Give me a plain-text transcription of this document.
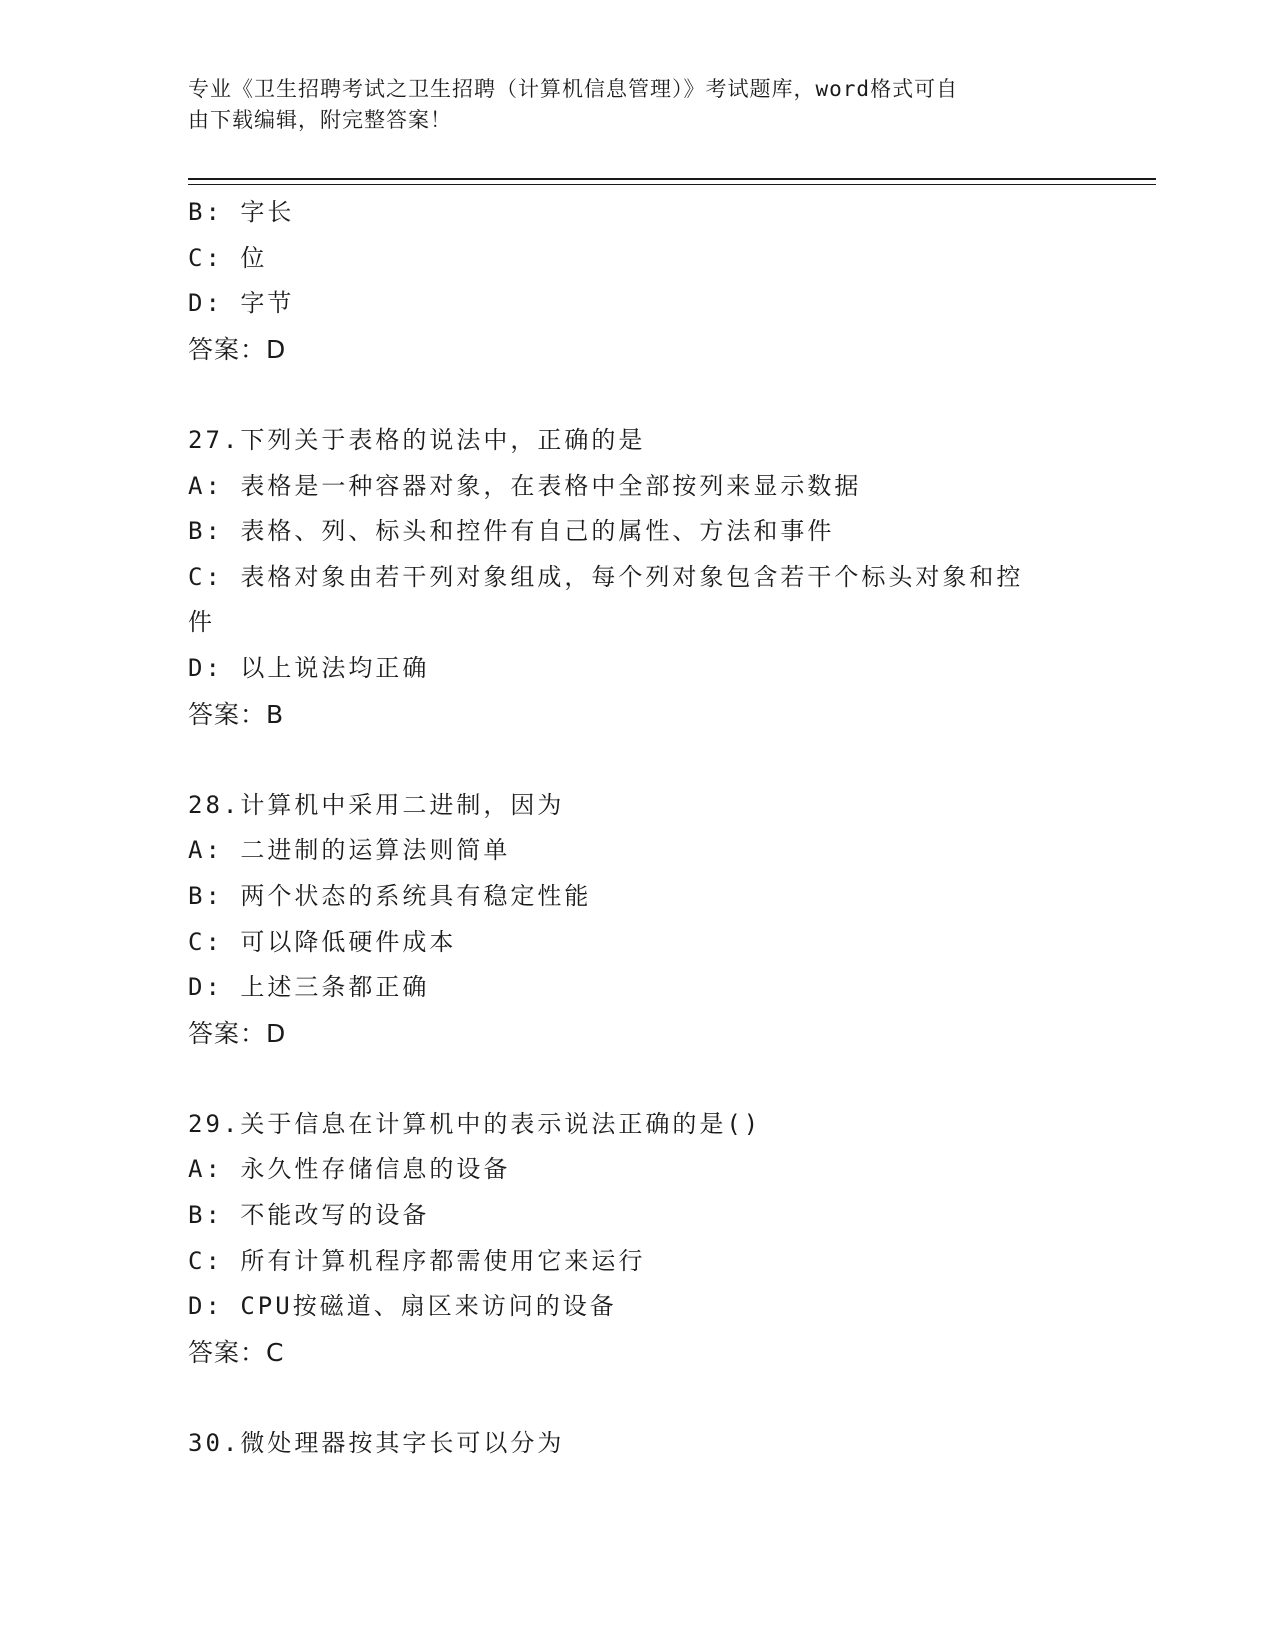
专业《卫生招聘考试之卫生招聘（计算机信息管理）》考试题库，word格式可自
由下载编辑，附完整答案！
B: 字长
C: 位
D: 字节
答案：D
27.下列关于表格的说法中，正确的是
A: 表格是一种容器对象，在表格中全部按列来显示数据
B: 表格、列、标头和控件有自己的属性、方法和事件
C: 表格对象由若干列对象组成，每个列对象包含若干个标头对象和控件
D: 以上说法均正确
答案：B
28.计算机中采用二进制，因为
A: 二进制的运算法则简单
B: 两个状态的系统具有稳定性能
C: 可以降低硬件成本
D: 上述三条都正确
答案：D
29.关于信息在计算机中的表示说法正确的是()
A: 永久性存储信息的设备
B: 不能改写的设备
C: 所有计算机程序都需使用它来运行
D: CPU按磁道、扇区来访问的设备
答案：C
30.微处理器按其字长可以分为
